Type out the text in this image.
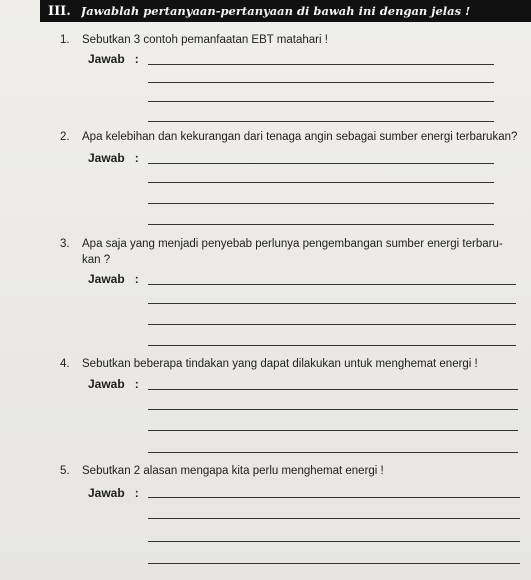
III. Jawablah pertanyaan-pertanyaan di bawah ini dengan jelas !
1. Sebutkan 3 contoh pemanfaatan EBT matahari !
Jawab :
2. Apa kelebihan dan kekurangan dari tenaga angin sebagai sumber energi terbarukan?
Jawab :
3. Apa saja yang menjadi penyebab perlunya pengembangan sumber energi terbaru- kan ?
Jawab :
4. Sebutkan beberapa tindakan yang dapat dilakukan untuk menghemat energi !
Jawab :
5. Sebutkan 2 alasan mengapa kita perlu menghemat energi !
Jawab :
